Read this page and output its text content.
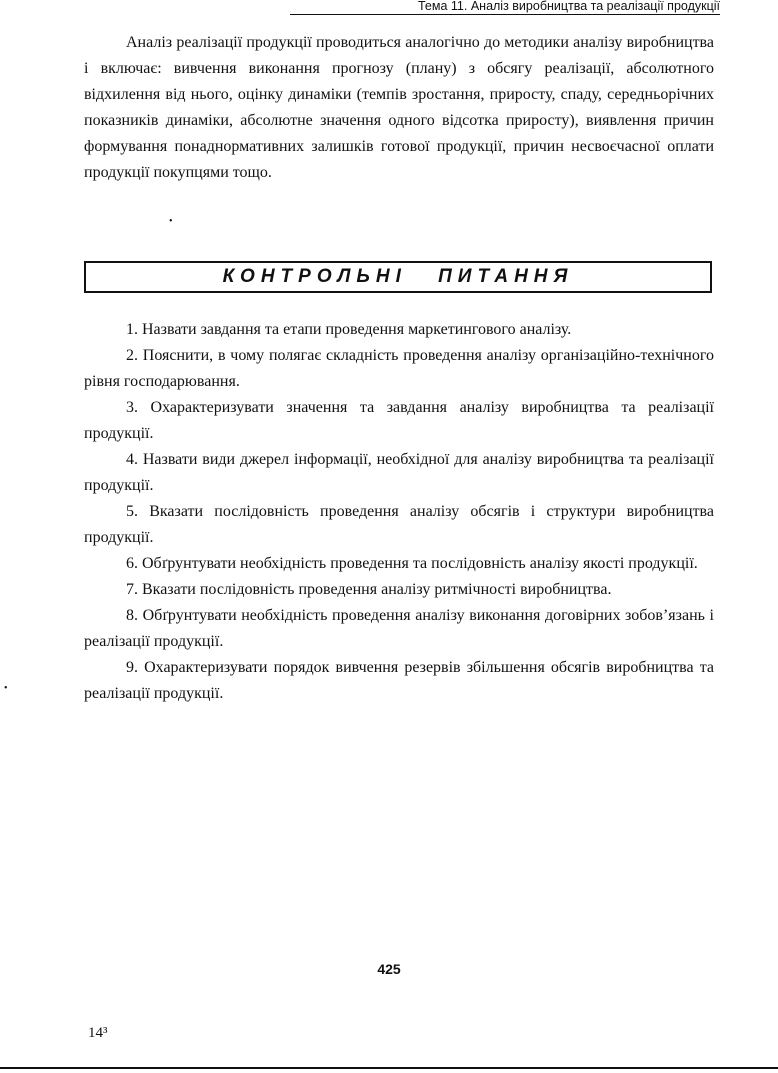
Тема 11. Аналіз виробництва та реалізації продукції

Аналіз реалізації продукції проводиться аналогічно до методики аналізу виробництва і включає: вивчення виконання прогнозу (плану) з обсягу реалізації, абсолютного відхилення від нього, оцінку динаміки (темпів зростання, приросту, спаду, середньорічних показників динаміки, абсолютне значення одного відсотка приросту), виявлення причин формування понаднормативних залишків готової продукції, причин несвоєчасної оплати продукції покупцями тощо.

•
КОНТРОЛЬНІ ПИТАННЯ
1. Назвати завдання та етапи проведення маркетингового аналізу.
2. Пояснити, в чому полягає складність проведення аналізу організаційно-технічного рівня господарювання.
3. Охарактеризувати значення та завдання аналізу виробництва та реалізації продукції.
4. Назвати види джерел інформації, необхідної для аналізу виробництва та реалізації продукції.
5. Вказати послідовність проведення аналізу обсягів і структури виробництва продукції.
6. Обґрунтувати необхідність проведення та послідовність аналізу якості продукції.
7. Вказати послідовність проведення аналізу ритмічності виробництва.
8. Обґрунтувати необхідність проведення аналізу виконання договірних зобов’язань і реалізації продукції.
9. Охарактеризувати порядок вивчення резервів збільшення обсягів виробництва та реалізації продукції.
•
425
14³
